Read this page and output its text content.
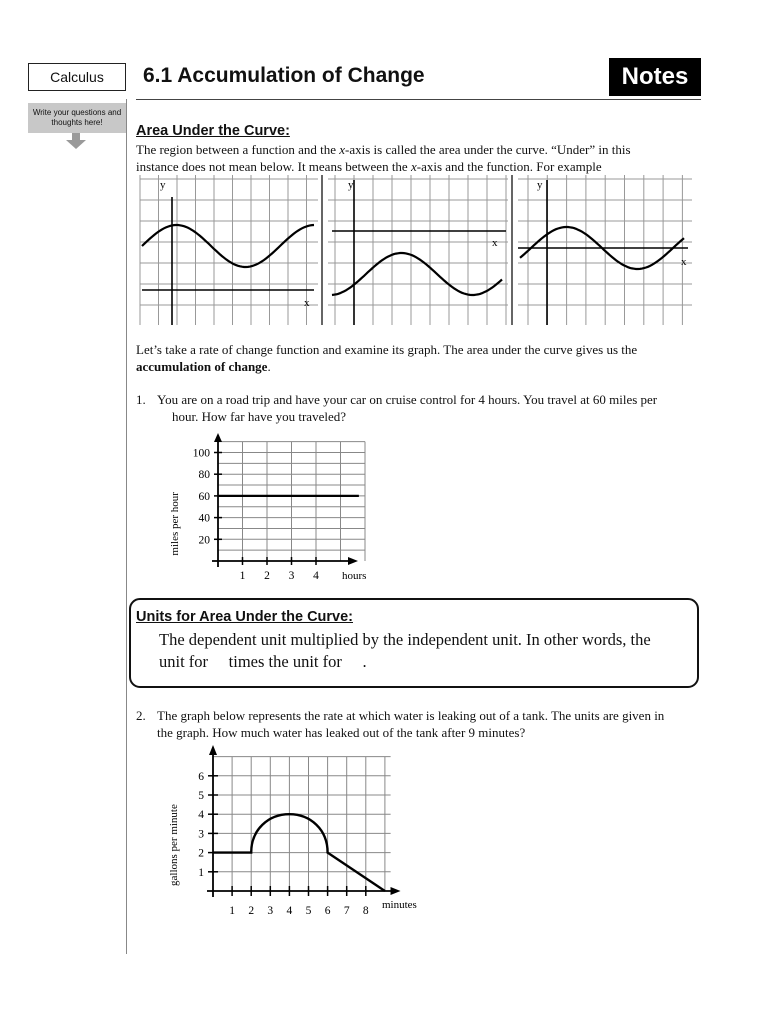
Calculus	6.1 Accumulation of Change	Notes
Write your questions and thoughts here!
Area Under the Curve:
The region between a function and the x-axis is called the area under the curve. “Under” in this
instance does not mean below. It means between the x-axis and the function. For example
y
x
y
x
y
x
Let’s take a rate of change function and examine its graph. The area under the curve gives us the
accumulation of change.
1. You are on a road trip and have your car on cruise control for 4 hours. You travel at 60 miles per
hour. How far have you traveled?
20
40
60
80
100
1 2 3 4
miles per hour
hours
Units for Area Under the Curve:
The dependent unit multiplied by the independent unit. In other words, the
unit for     times the unit for     .
2. The graph below represents the rate at which water is leaking out of a tank. The units are given in
the graph. How much water has leaked out of the tank after 9 minutes?
1
2
3
4
5
6
1 2 3 4 5 6 7 8
gallons per minute
minutes
